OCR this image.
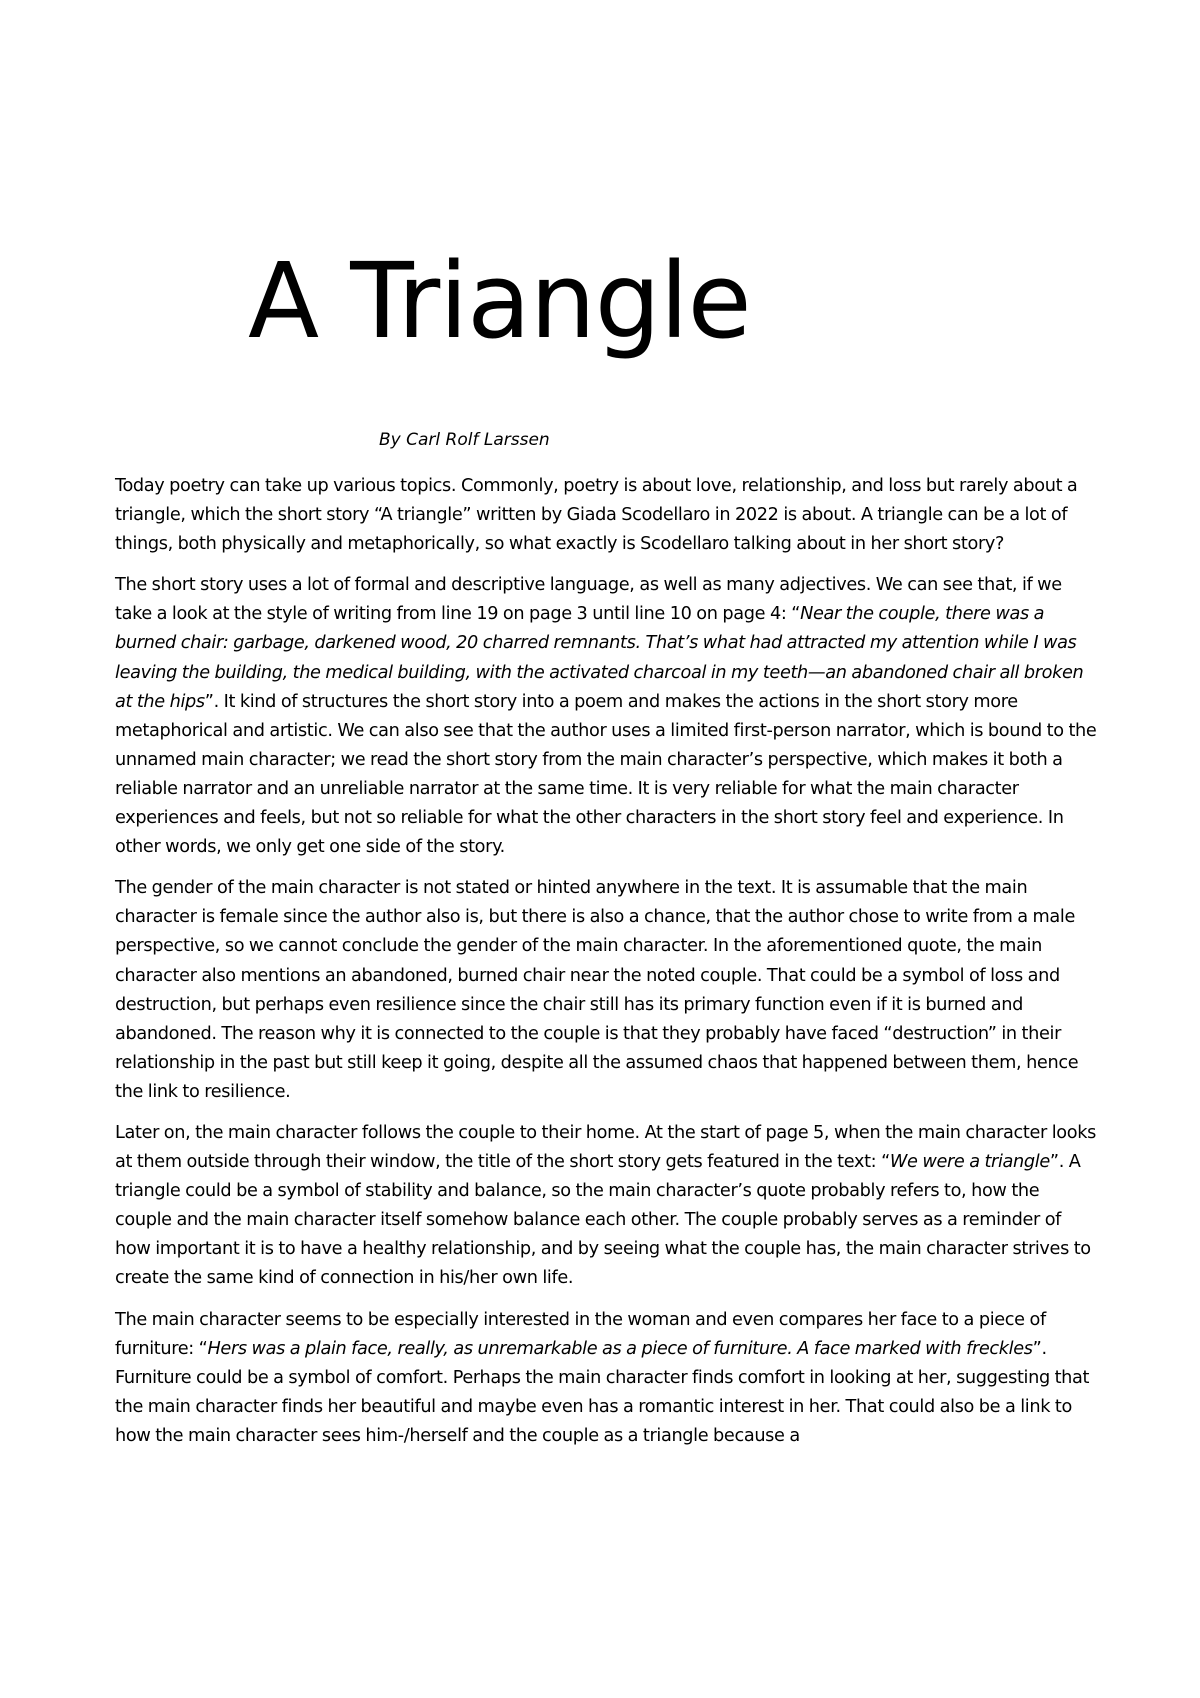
A Triangle

By Carl Rolf Larssen

Today poetry can take up various topics. Commonly, poetry is about love, relationship, and loss but rarely about a triangle, which the short story “A triangle” written by Giada Scodellaro in 2022 is about. A triangle can be a lot of things, both physically and metaphorically, so what exactly is Scodellaro talking about in her short story?

The short story uses a lot of formal and descriptive language, as well as many adjectives. We can see that, if we take a look at the style of writing from line 19 on page 3 until line 10 on page 4: “Near the couple, there was a burned chair: garbage, darkened wood, 20 charred remnants. That’s what had attracted my attention while I was leaving the building, the medical building, with the activated charcoal in my teeth—an abandoned chair all broken at the hips”. It kind of structures the short story into a poem and makes the actions in the short story more metaphorical and artistic. We can also see that the author uses a limited first-person narrator, which is bound to the unnamed main character; we read the short story from the main character’s perspective, which makes it both a reliable narrator and an unreliable narrator at the same time. It is very reliable for what the main character experiences and feels, but not so reliable for what the other characters in the short story feel and experience. In other words, we only get one side of the story.

The gender of the main character is not stated or hinted anywhere in the text. It is assumable that the main character is female since the author also is, but there is also a chance, that the author chose to write from a male perspective, so we cannot conclude the gender of the main character. In the aforementioned quote, the main character also mentions an abandoned, burned chair near the noted couple. That could be a symbol of loss and destruction, but perhaps even resilience since the chair still has its primary function even if it is burned and abandoned. The reason why it is connected to the couple is that they probably have faced “destruction” in their relationship in the past but still keep it going, despite all the assumed chaos that happened between them, hence the link to resilience.

Later on, the main character follows the couple to their home. At the start of page 5, when the main character looks at them outside through their window, the title of the short story gets featured in the text: “We were a triangle”. A triangle could be a symbol of stability and balance, so the main character’s quote probably refers to, how the couple and the main character itself somehow balance each other. The couple probably serves as a reminder of how important it is to have a healthy relationship, and by seeing what the couple has, the main character strives to create the same kind of connection in his/her own life.

The main character seems to be especially interested in the woman and even compares her face to a piece of furniture: “Hers was a plain face, really, as unremarkable as a piece of furniture. A face marked with freckles”. Furniture could be a symbol of comfort. Perhaps the main character finds comfort in looking at her, suggesting that the main character finds her beautiful and maybe even has a romantic interest in her. That could also be a link to how the main character sees him-/herself and the couple as a triangle because a
